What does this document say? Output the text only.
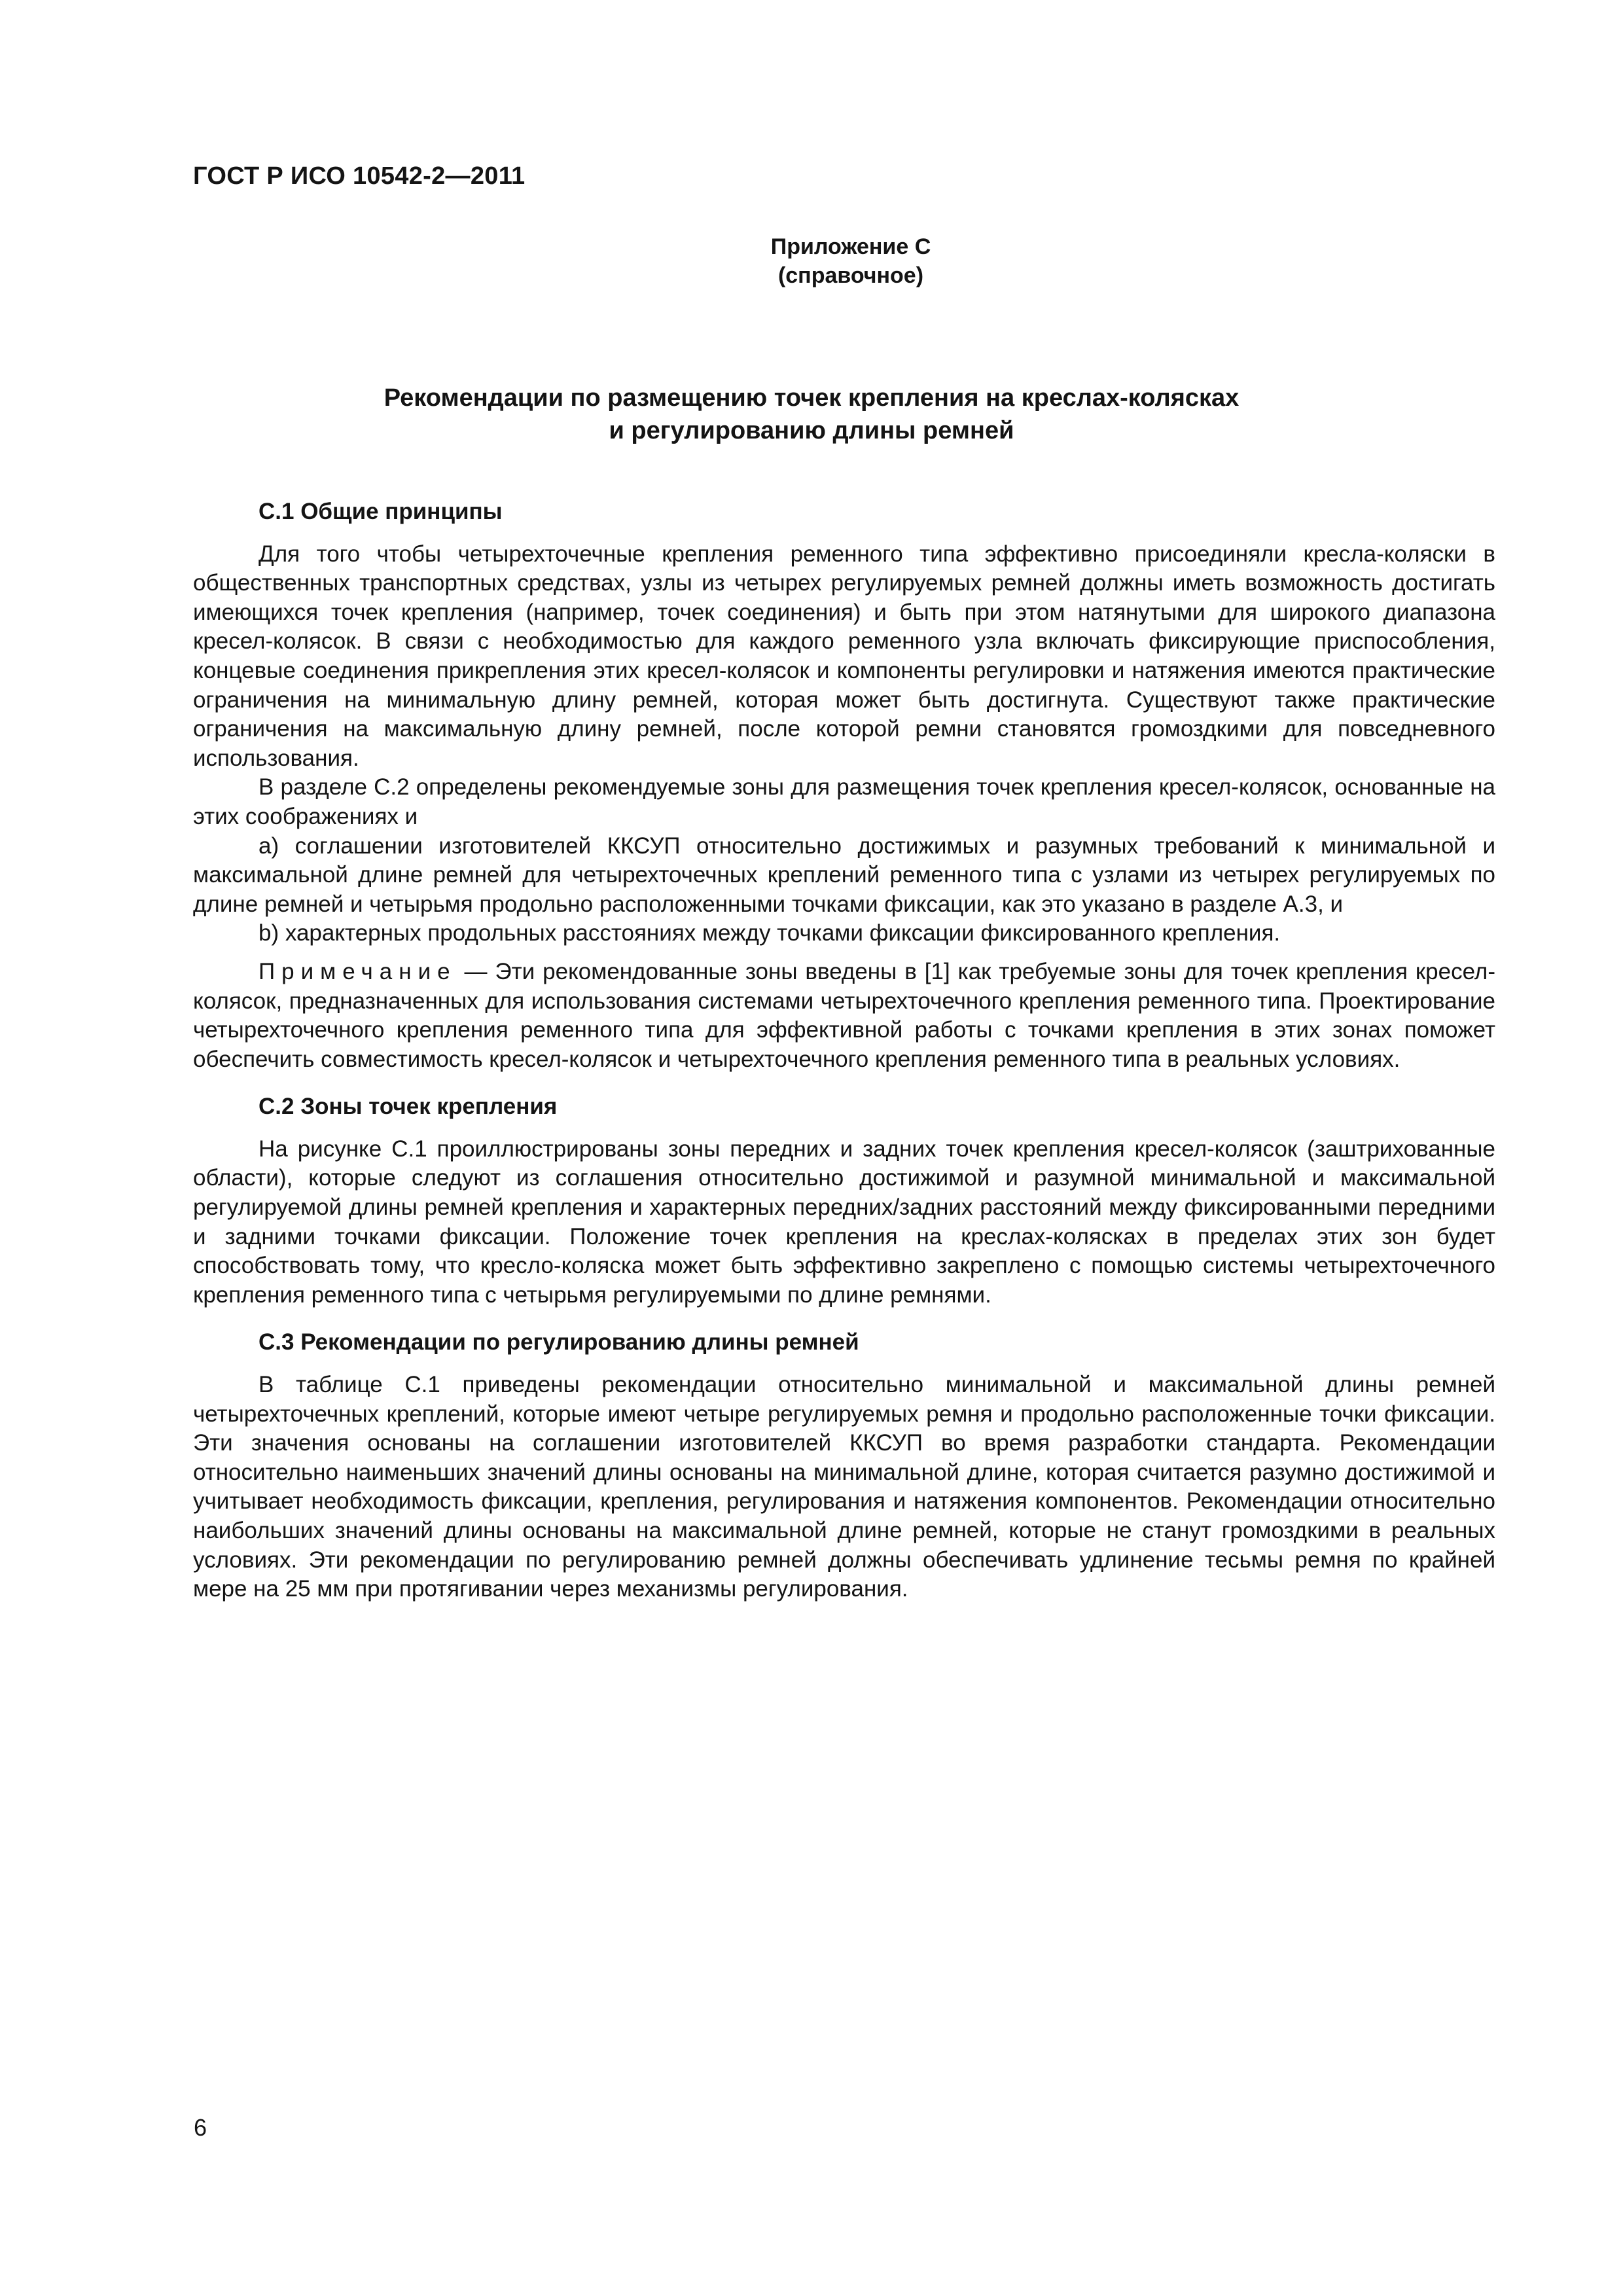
ГОСТ Р ИСО 10542-2—2011
Приложение С
(справочное)
Рекомендации по размещению точек крепления на креслах-колясках
и регулированию длины ремней
С.1 Общие принципы

Для того чтобы четырехточечные крепления ременного типа эффективно присоединяли кресла-коляски в общественных транспортных средствах, узлы из четырех регулируемых ремней должны иметь возможность достигать имеющихся точек крепления (например, точек соединения) и быть при этом натянутыми для широкого диапазона кресел-колясок. В связи с необходимостью для каждого ременного узла включать фиксирующие приспособления, концевые соединения прикрепления этих кресел-колясок и компоненты регулировки и натяжения имеются практические ограничения на минимальную длину ремней, которая может быть достигнута. Существуют также практические ограничения на максимальную длину ремней, после которой ремни становятся громоздкими для повседневного использования.

В разделе С.2 определены рекомендуемые зоны для размещения точек крепления кресел-колясок, основанные на этих соображениях и

a) соглашении изготовителей ККСУП относительно достижимых и разумных требований к минимальной и максимальной длине ремней для четырехточечных креплений ременного типа с узлами из четырех регулируемых по длине ремней и четырьмя продольно расположенными точками фиксации, как это указано в разделе А.3, и

b) характерных продольных расстояниях между точками фиксации фиксированного крепления.

Примечание — Эти рекомендованные зоны введены в [1] как требуемые зоны для точек крепления кресел-колясок, предназначенных для использования системами четырехточечного крепления ременного типа. Проектирование четырехточечного крепления ременного типа для эффективной работы с точками крепления в этих зонах поможет обеспечить совместимость кресел-колясок и четырехточечного крепления ременного типа в реальных условиях.

С.2 Зоны точек крепления

На рисунке С.1 проиллюстрированы зоны передних и задних точек крепления кресел-колясок (заштрихованные области), которые следуют из соглашения относительно достижимой и разумной минимальной и максимальной регулируемой длины ремней крепления и характерных передних/задних расстояний между фиксированными передними и задними точками фиксации. Положение точек крепления на креслах-колясках в пределах этих зон будет способствовать тому, что кресло-коляска может быть эффективно закреплено с помощью системы четырехточечного крепления ременного типа с четырьмя регулируемыми по длине ремнями.

С.3 Рекомендации по регулированию длины ремней

В таблице С.1 приведены рекомендации относительно минимальной и максимальной длины ремней четырехточечных креплений, которые имеют четыре регулируемых ремня и продольно расположенные точки фиксации. Эти значения основаны на соглашении изготовителей ККСУП во время разработки стандарта. Рекомендации относительно наименьших значений длины основаны на минимальной длине, которая считается разумно достижимой и учитывает необходимость фиксации, крепления, регулирования и натяжения компонентов. Рекомендации относительно наибольших значений длины основаны на максимальной длине ремней, которые не станут громоздкими в реальных условиях. Эти рекомендации по регулированию ремней должны обеспечивать удлинение тесьмы ремня по крайней мере на 25 мм при протягивании через механизмы регулирования.

6
